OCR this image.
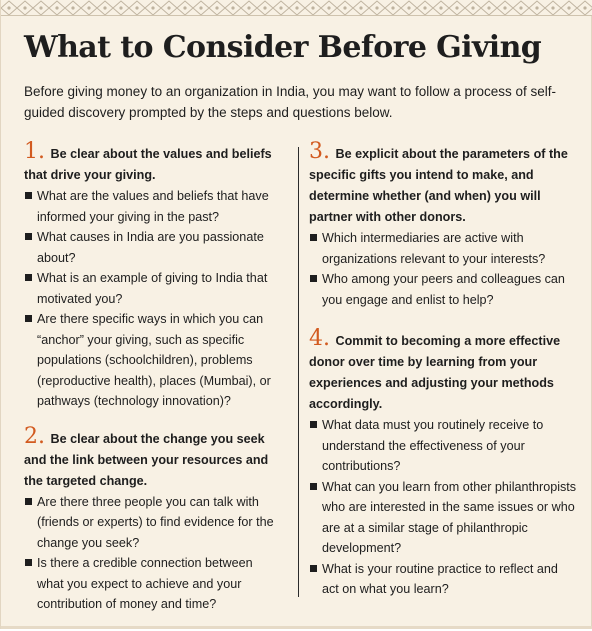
What to Consider Before Giving

Before giving money to an organization in India, you may want to follow a process of self-guided discovery prompted by the steps and questions below.

1. Be clear about the values and beliefs that drive your giving.

What are the values and beliefs that have informed your giving in the past?
What causes in India are you passionate about?
What is an example of giving to India that motivated you?
Are there specific ways in which you can “anchor” your giving, such as specific populations (schoolchildren), problems (reproductive health), places (Mumbai), or pathways (technology innovation)?

2. Be clear about the change you seek and the link between your resources and the targeted change.

Are there three people you can talk with (friends or experts) to find evidence for the change you seek?
Is there a credible connection between what you expect to achieve and your contribution of money and time?

3. Be explicit about the parameters of the specific gifts you intend to make, and determine whether (and when) you will partner with other donors.

Which intermediaries are active with organizations relevant to your interests?
Who among your peers and colleagues can you engage and enlist to help?

4. Commit to becoming a more effective donor over time by learning from your experiences and adjusting your methods accordingly.

What data must you routinely receive to understand the effectiveness of your contributions?
What can you learn from other philanthropists who are interested in the same issues or who are at a similar stage of philanthropic development?
What is your routine practice to reflect and act on what you learn?
